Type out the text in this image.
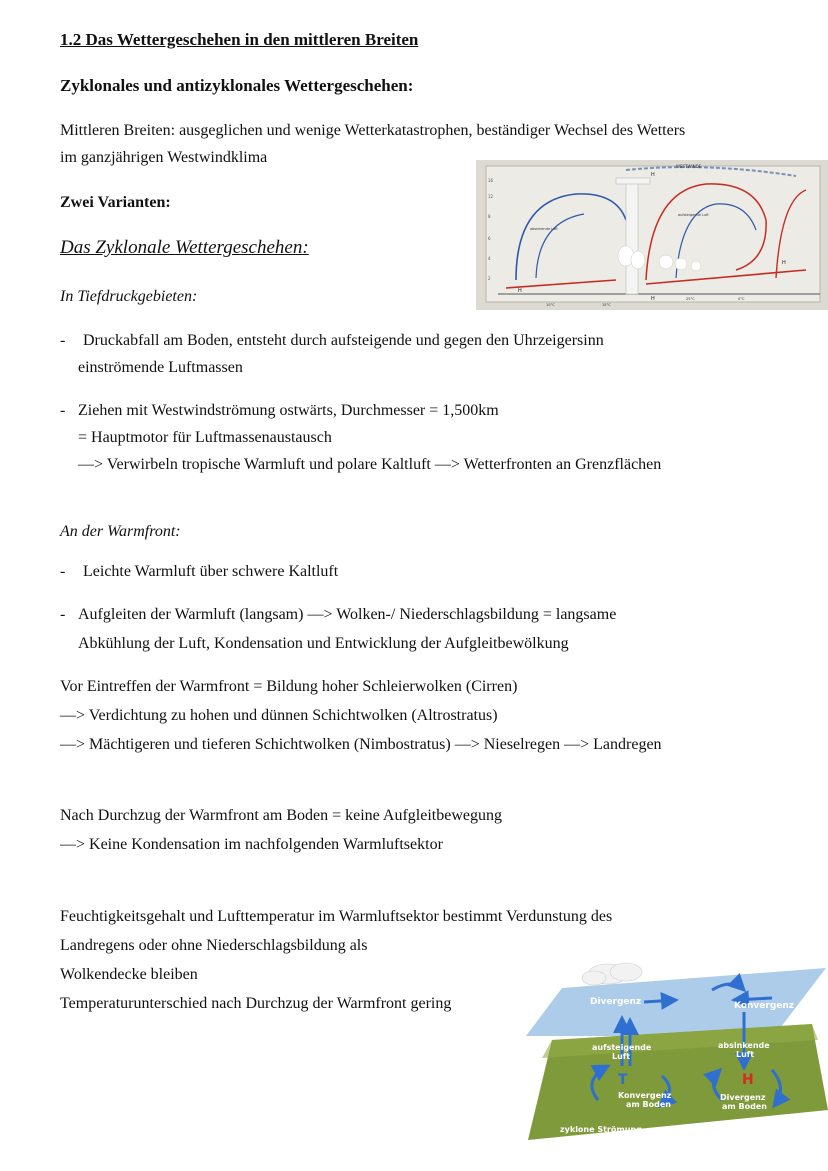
1.2 Das Wettergeschehen in den mittleren Breiten
Zyklonales und antizyklonales Wettergeschehen:
Mittleren Breiten: ausgeglichen und wenige Wetterkatastrophen, beständiger Wechsel des Wetters
im ganzjährigen Westwindklima
Zwei Varianten:
Das Zyklonale Wettergeschehen:
In Tiefdruckgebieten:
- Druckabfall am Boden, entsteht durch aufsteigende und gegen den Uhrzeigersinn
einströmende Luftmassen
- Ziehen mit Westwindströmung ostwärts, Durchmesser = 1,500km
= Hauptmotor für Luftmassenaustausch
—> Verwirbeln tropische Warmluft und polare Kaltluft —> Wetterfronten an Grenzflächen
An der Warmfront:
- Leichte Warmluft über schwere Kaltluft
- Aufgleiten der Warmluft (langsam) —> Wolken-/ Niederschlagsbildung = langsame
Abkühlung der Luft, Kondensation und Entwicklung der Aufgleitbewölkung
Vor Eintreffen der Warmfront = Bildung hoher Schleierwolken (Cirren)
—> Verdichtung zu hohen und dünnen Schichtwolken (Altrostratus)
—> Mächtigeren und tieferen Schichtwolken (Nimbostratus) —> Nieselregen —> Landregen
Nach Durchzug der Warmfront am Boden = keine Aufgleitbewegung
—> Keine Kondensation im nachfolgenden Warmluftsektor
Feuchtigkeitsgehalt und Lufttemperatur im Warmluftsektor bestimmt Verdunstung des
Landregens oder ohne Niederschlagsbildung als
Wolkendecke bleiben
Temperaturunterschied nach Durchzug der Warmfront gering
16
12
8
6
4
2
WESTWINDE
absinkende Luft
aufsteigende Luft
H
H
H
H
10°C	15°C
25°C	0°C
Divergenz	Konvergenz
aufsteigende
Luft
absinkende
Luft
Konvergenz
am Boden
Divergenz
am Boden
zyklone Strömung	antizyklone Strömung
T	H
